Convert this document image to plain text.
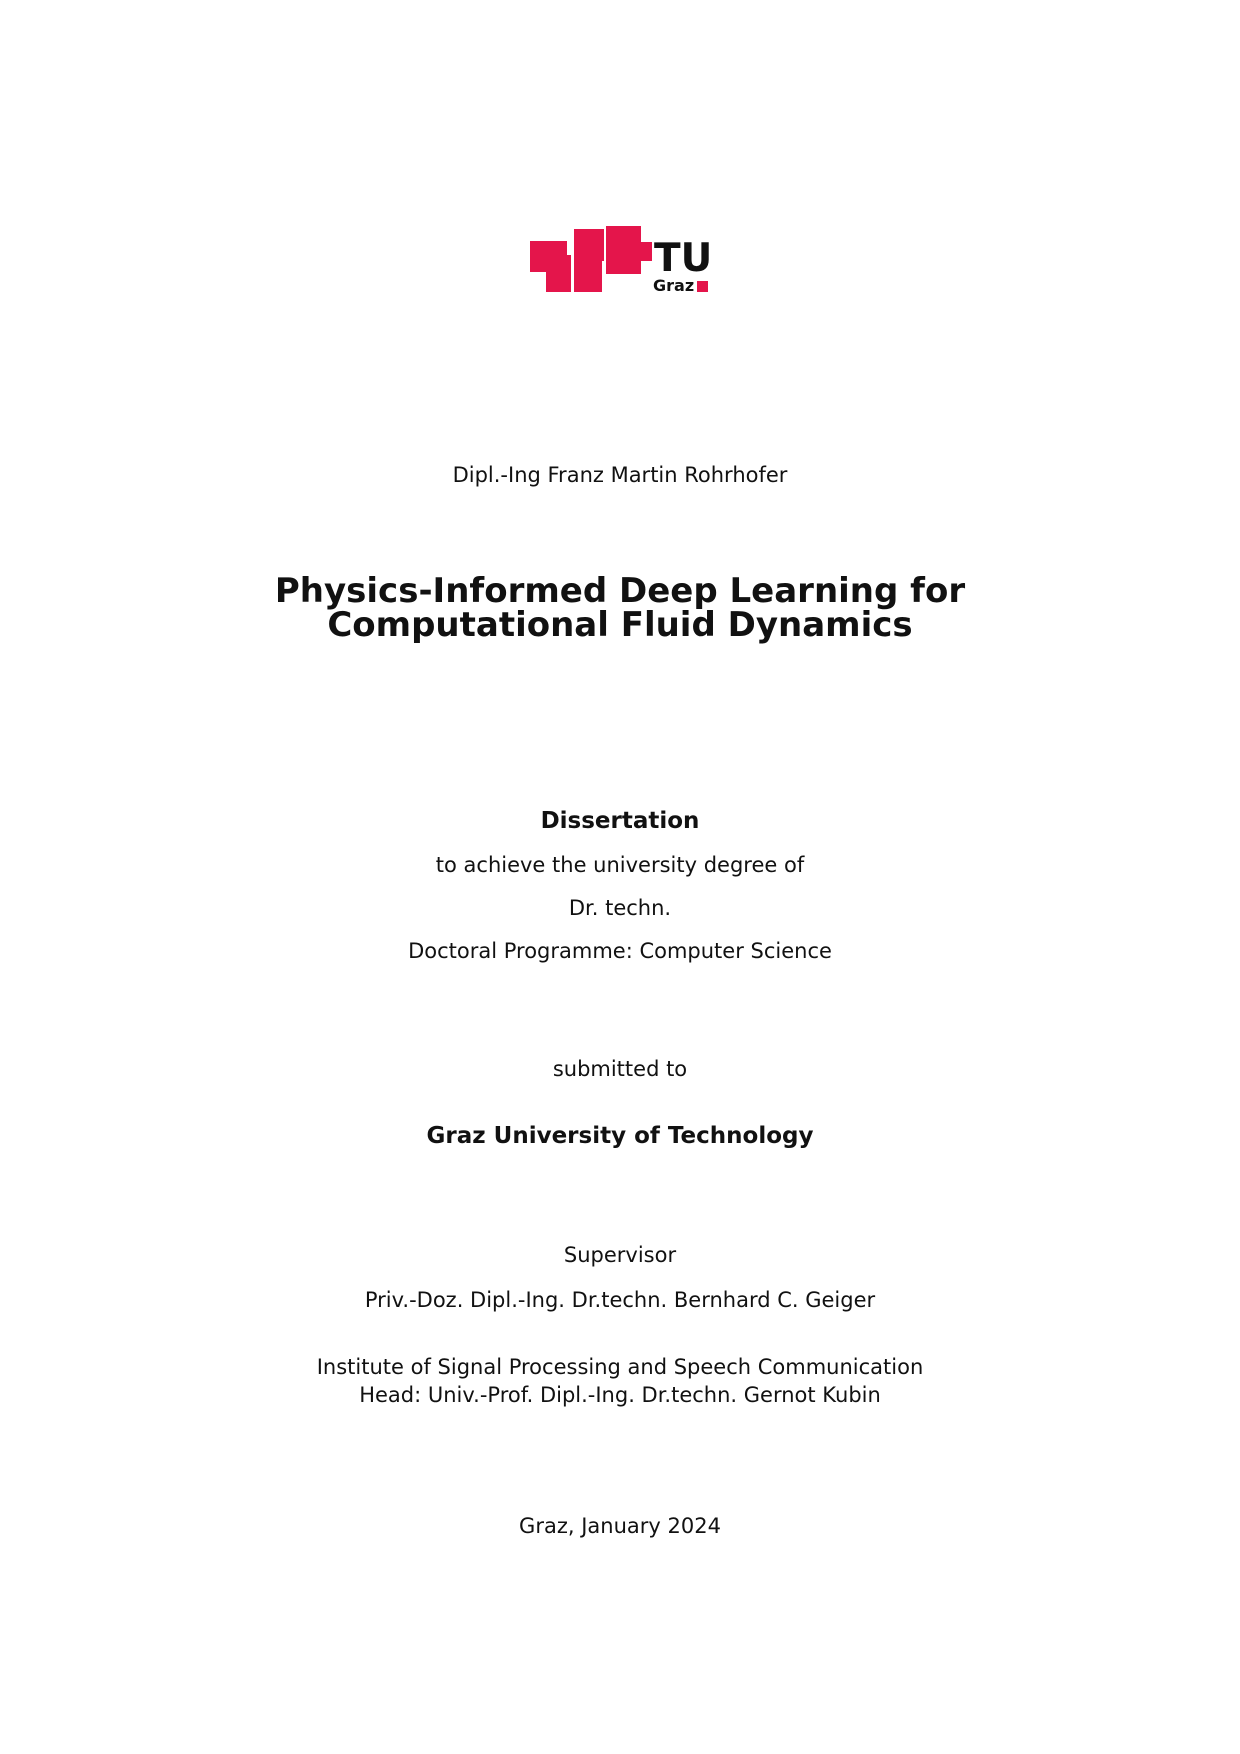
TU
Graz
Dipl.-Ing Franz Martin Rohrhofer
Physics-Informed Deep Learning for
Computational Fluid Dynamics
Dissertation
to achieve the university degree of
Dr. techn.
Doctoral Programme: Computer Science
submitted to
Graz University of Technology
Supervisor
Priv.-Doz. Dipl.-Ing. Dr.techn. Bernhard C. Geiger
Institute of Signal Processing and Speech Communication
Head: Univ.-Prof. Dipl.-Ing. Dr.techn. Gernot Kubin
Graz, January 2024
